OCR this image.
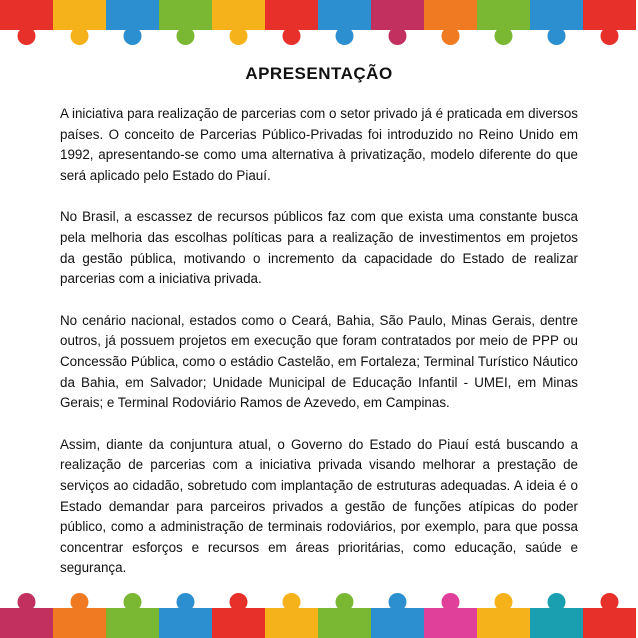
APRESENTAÇÃO

A iniciativa para realização de parcerias com o setor privado já é praticada em diversos países. O conceito de Parcerias Público-Privadas foi introduzido no Reino Unido em 1992, apresentando-se como uma alternativa à privatização, modelo diferente do que será aplicado pelo Estado do Piauí.

No Brasil, a escassez de recursos públicos faz com que exista uma constante busca pela melhoria das escolhas políticas para a realização de investimentos em projetos da gestão pública, motivando o incremento da capacidade do Estado de realizar parcerias com a iniciativa privada.

No cenário nacional, estados como o Ceará, Bahia, São Paulo, Minas Gerais, dentre outros, já possuem projetos em execução que foram contratados por meio de PPP ou Concessão Pública, como o estádio Castelão, em Fortaleza; Terminal Turístico Náutico da Bahia, em Salvador; Unidade Municipal de Educação Infantil - UMEI, em Minas Gerais; e Terminal Rodoviário Ramos de Azevedo, em Campinas.

Assim, diante da conjuntura atual, o Governo do Estado do Piauí está buscando a realização de parcerias com a iniciativa privada visando melhorar a prestação de serviços ao cidadão, sobretudo com implantação de estruturas adequadas. A ideia é o Estado demandar para parceiros privados a gestão de funções atípicas do poder público, como a administração de terminais rodoviários, por exemplo, para que possa concentrar esforços e recursos em áreas prioritárias, como educação, saúde e segurança.
